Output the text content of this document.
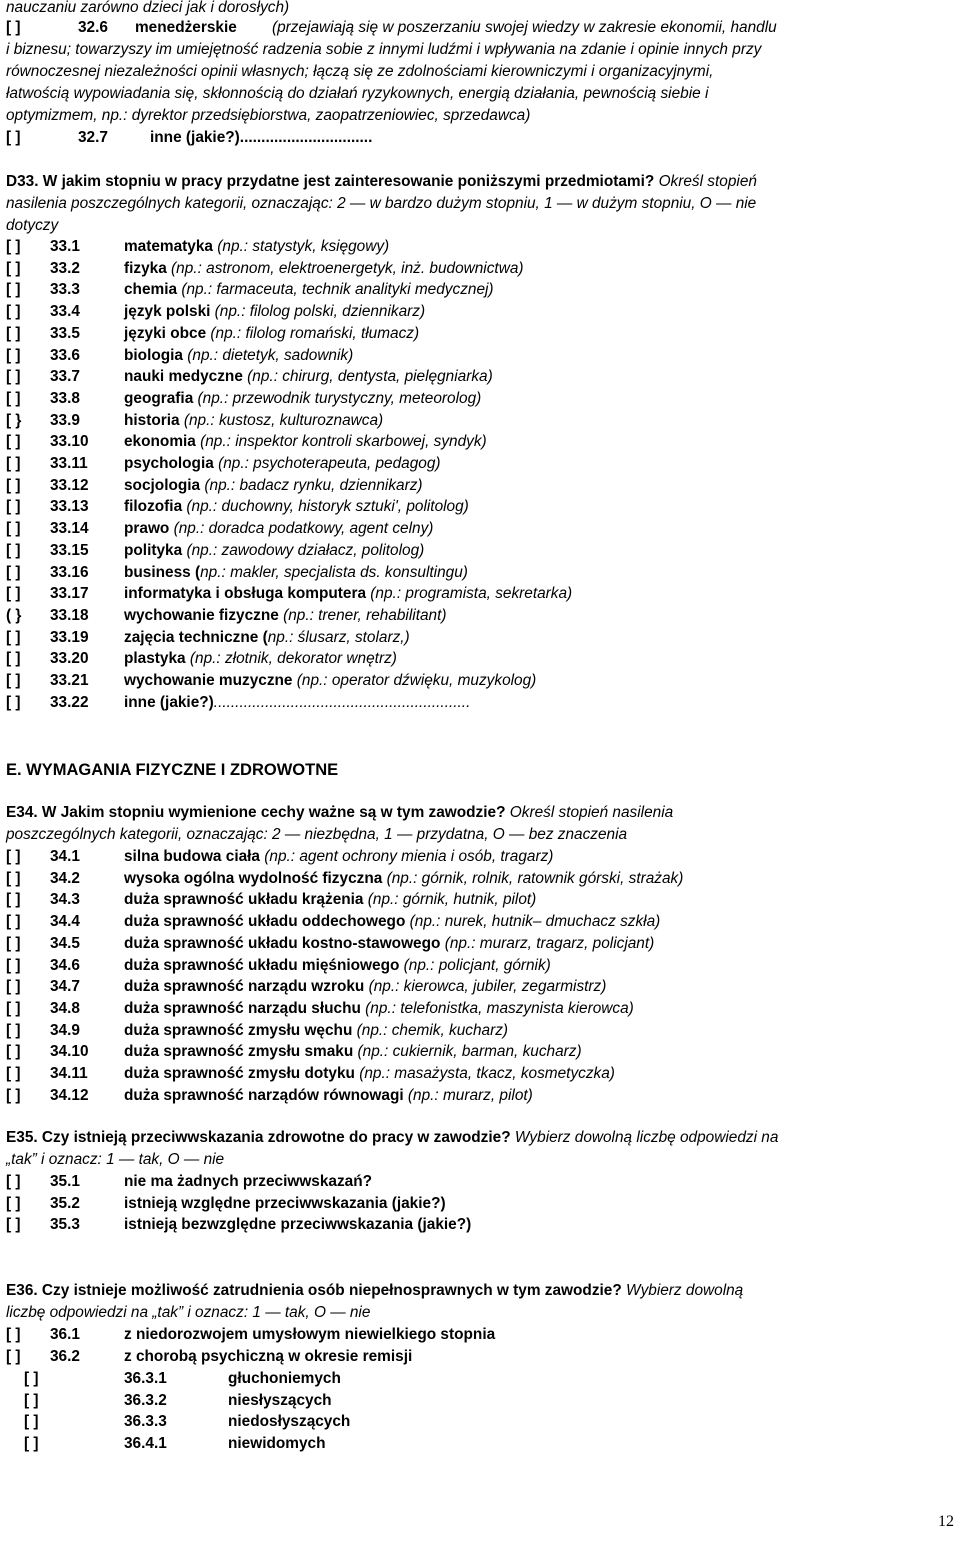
nauczaniu zarówno dzieci jak i dorosłych)
[ ]	32.6 menedżerskie (przejawiają się w poszerzaniu swojej wiedzy w zakresie ekonomii, handlu
i biznesu; towarzyszy im umiejętność radzenia sobie z innymi ludźmi i wpływania na zdanie i opinie innych przy
równoczesnej niezależności opinii własnych; łączą się ze zdolnościami kierowniczymi i organizacyjnymi,
łatwością wypowiadania się, skłonnością do działań ryzykownych, energią działania, pewnością siebie i
optymizmem, np.: dyrektor przedsiębiorstwa, zaopatrzeniowiec, sprzedawca)
[ ]	32.7	inne (jakie?)...............................
D33. W jakim stopniu w pracy przydatne jest zainteresowanie poniższymi przedmiotami? Określ stopień
nasilenia poszczególnych kategorii, oznaczając: 2 — w bardzo dużym stopniu, 1 — w dużym stopniu, O — nie
dotyczy
[ ] 33.1	matematyka (np.: statystyk, księgowy)
[ ] 33.2	fizyka (np.: astronom, elektroenergetyk, inż. budownictwa)
[ ] 33.3	chemia (np.: farmaceuta, technik analityki medycznej)
[ ] 33.4	język polski (np.: filolog polski, dziennikarz)
[ ] 33.5	języki obce (np.: filolog romański, tłumacz)
[ ] 33.6	biologia (np.: dietetyk, sadownik)
[ ] 33.7	nauki medyczne (np.: chirurg, dentysta, pielęgniarka)
[ ] 33.8	geografia (np.: przewodnik turystyczny, meteorolog)
[ } 33.9	historia (np.: kustosz, kulturoznawca)
[ ] 33.10 ekonomia (np.: inspektor kontroli skarbowej, syndyk)
[ ] 33.11 psychologia (np.: psychoterapeuta, pedagog)
[ ] 33.12 socjologia (np.: badacz rynku, dziennikarz)
[ ] 33.13 filozofia (np.: duchowny, historyk sztuki', politolog)
[ ] 33.14 prawo (np.: doradca podatkowy, agent celny)
[ ] 33.15 polityka (np.: zawodowy działacz, politolog)
[ ] 33.16 business (np.: makler, specjalista ds. konsultingu)
[ ] 33.17 informatyka i obsługa komputera (np.: programista, sekretarka)
( } 33.18 wychowanie fizyczne (np.: trener, rehabilitant)
[ ] 33.19 zajęcia techniczne (np.: ślusarz, stolarz,)
[ ] 33.20 plastyka (np.: złotnik, dekorator wnętrz)
[ ] 33.21 wychowanie muzyczne (np.: operator dźwięku, muzykolog)
[ ] 33.22 inne (jakie?)............................................................
E. WYMAGANIA FIZYCZNE I ZDROWOTNE
E34. W Jakim stopniu wymienione cechy ważne są w tym zawodzie? Określ stopień nasilenia
poszczególnych kategorii, oznaczając: 2 — niezbędna, 1 — przydatna, O — bez znaczenia
[ ] 34.1	silna budowa ciała (np.: agent ochrony mienia i osób, tragarz)
[ ] 34.2	wysoka ogólna wydolność fizyczna (np.: górnik, rolnik, ratownik górski, strażak)
[ ] 34.3	duża sprawność układu krążenia (np.: górnik, hutnik, pilot)
[ ] 34.4	duża sprawność układu oddechowego (np.: nurek, hutnik– dmuchacz szkła)
[ ] 34.5	duża sprawność układu kostno-stawowego (np.: murarz, tragarz, policjant)
[ ] 34.6	duża sprawność układu mięśniowego (np.: policjant, górnik)
[ ] 34.7	duża sprawność narządu wzroku (np.: kierowca, jubiler, zegarmistrz)
[ ] 34.8	duża sprawność narządu słuchu (np.: telefonistka, maszynista kierowca)
[ ] 34.9	duża sprawność zmysłu węchu (np.: chemik, kucharz)
[ ] 34.10 duża sprawność zmysłu smaku (np.: cukiernik, barman, kucharz)
[ ] 34.11 duża sprawność zmysłu dotyku (np.: masażysta, tkacz, kosmetyczka)
[ ] 34.12 duża sprawność narządów równowagi (np.: murarz, pilot)
E35. Czy istnieją przeciwwskazania zdrowotne do pracy w zawodzie? Wybierz dowolną liczbę odpowiedzi na
„tak” i oznacz: 1 — tak, O — nie
[ ] 35.1	nie ma żadnych przeciwwskazań?
[ ] 35.2	istnieją względne przeciwwskazania (jakie?)
[ ] 35.3	istnieją bezwzględne przeciwwskazania (jakie?)
E36. Czy istnieje możliwość zatrudnienia osób niepełnosprawnych w tym zawodzie? Wybierz dowolną
liczbę odpowiedzi na „tak” i oznacz: 1 — tak, O — nie
[ ] 36.1	z niedorozwojem umysłowym niewielkiego stopnia
[ ] 36.2	z chorobą psychiczną w okresie remisji
[ ]	36.3.1	głuchoniemych
[ ]	36.3.2	niesłyszących
[ ]	36.3.3	niedosłyszących
[ ]	36.4.1	niewidomych
12
